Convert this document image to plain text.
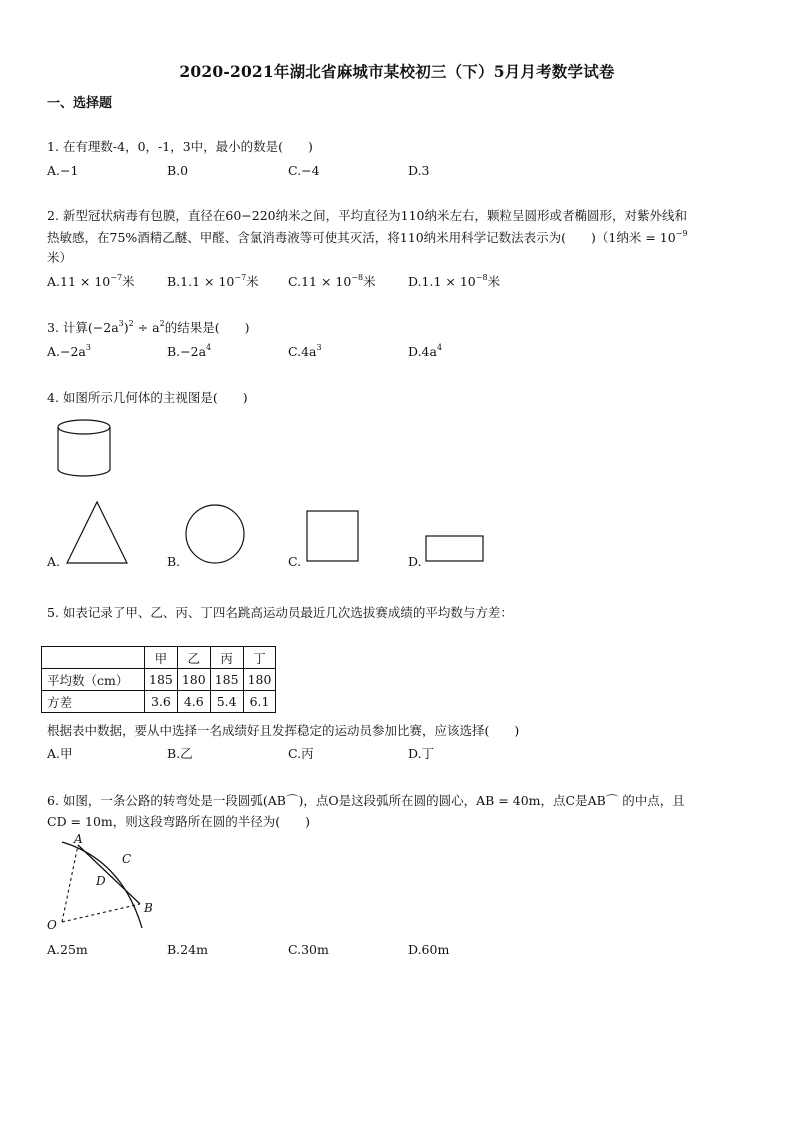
2020-2021年湖北省麻城市某校初三（下）5月月考数学试卷
一、选择题
1. 在有理数-4，0，-1，3中，最小的数是(　　)
A.−1	B.0	C.−4	D.3
2. 新型冠状病毒有包膜，直径在60−220纳米之间，平均直径为110纳米左右，颗粒呈圆形或者椭圆形，对紫外线和
热敏感，在75%酒精乙醚、甲醛、含氯消毒液等可使其灭活，将110纳米用科学记数法表示为(　　)（1纳米 = $10^{-9}$
米）
$A.11 \times 10^{-7}$米	$B.1.1 \times 10^{-7}$米 $C.11 \times 10^{-8}$米	$D.1.1 \times 10^{-8}$米
3. 计算$(-2a^3)^2 \div a^2$的结果是(　　)
$A.-2a^3$	$B.-2a^4$	$C.4a^3$	$D.4a^4$
4. 如图所示几何体的主视图是(　　)
A.	B.	C.	D.
5. 如表记录了甲、乙、丙、丁四名跳高运动员最近几次选拔赛成绩的平均数与方差：
	甲	乙	丙	丁
平均数（cm）	185	180	185	180
方差	3.6	4.6	5.4	6.1
根据表中数据，要从中选择一名成绩好且发挥稳定的运动员参加比赛，应该选择(　　)
A.甲	B.乙	C.丙	D.丁
6. 如图，一条公路的转弯处是一段圆弧(AB⌒)，点O是这段弧所在圆的圆心，AB = 40m，点C是AB⌒ 的中点，且
CD = 10m，则这段弯路所在圆的半径为(　　)
A
C
D
B
O
A.25m	B.24m	C.30m	D.60m
